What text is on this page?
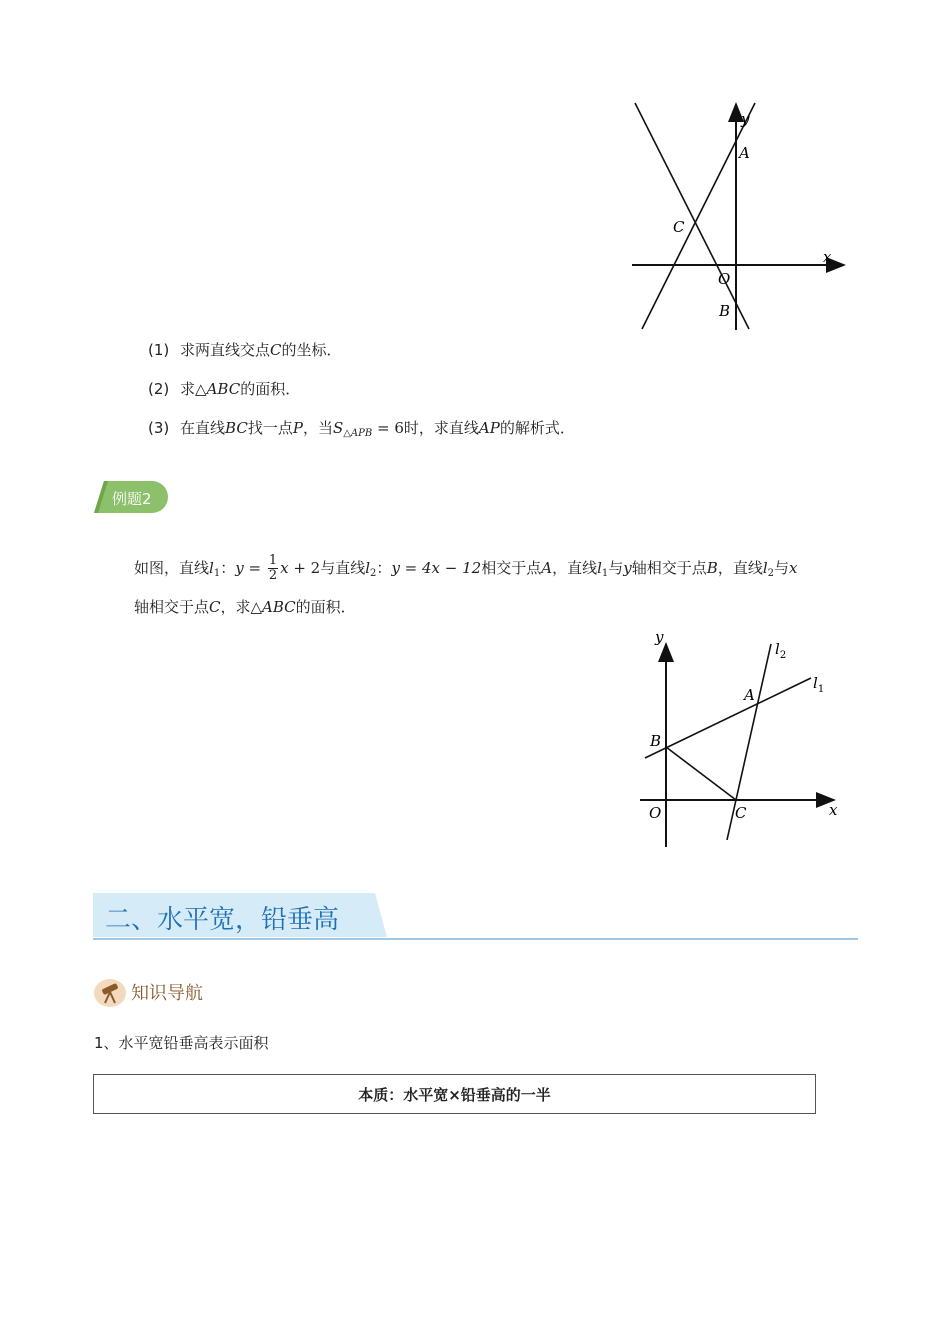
y
x
A
C
O
B
(1) 求两直线交点C的坐标．
(2) 求△ABC的面积．
(3) 在直线BC找一点P，当$S_{\triangle APB} = 6$时，求直线AP的解析式．
例题2
如图，直线$l_1$：$y = \frac{1}{2}$ x + 2与直线$l_2$：y = 4x − 12相交于点A，直线$l_1$与y轴相交于点B，直线$l_2$与x
轴相交于点C，求△ABC的面积．
y
$l_2$
$l_1$
A
B
O	C	x
二、水平宽，铅垂高
知识导航
1、水平宽铅垂高表示面积
本质：水平宽×铅垂高的一半
